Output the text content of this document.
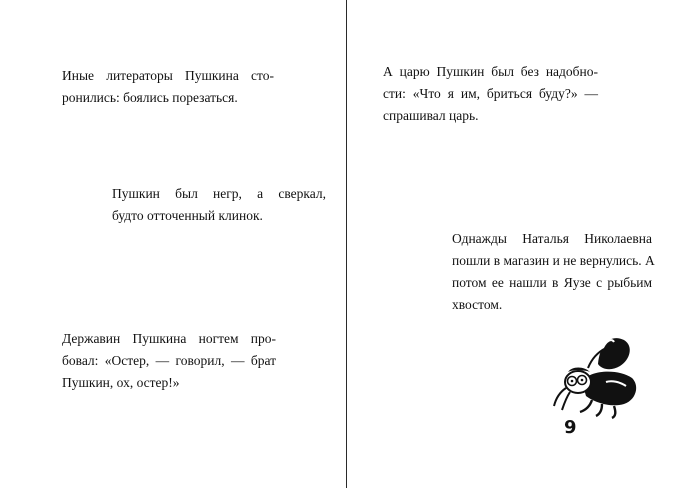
Иные литераторы Пушкина сто-
ронились: боялись порезаться.

Пушкин был негр, а сверкал,
будто отточенный клинок.

Державин Пушкина ногтем про-
бовал: «Остер, — говорил, — брат
Пушкин, ох, остер!»

А царю Пушкин был без надобно-
сти: «Что я им, бриться буду?» —
спрашивал царь.

Однажды Наталья Николаевна
пошли в магазин и не вернулись. А
потом ее нашли в Яузе с рыбьим
хвостом.

9
